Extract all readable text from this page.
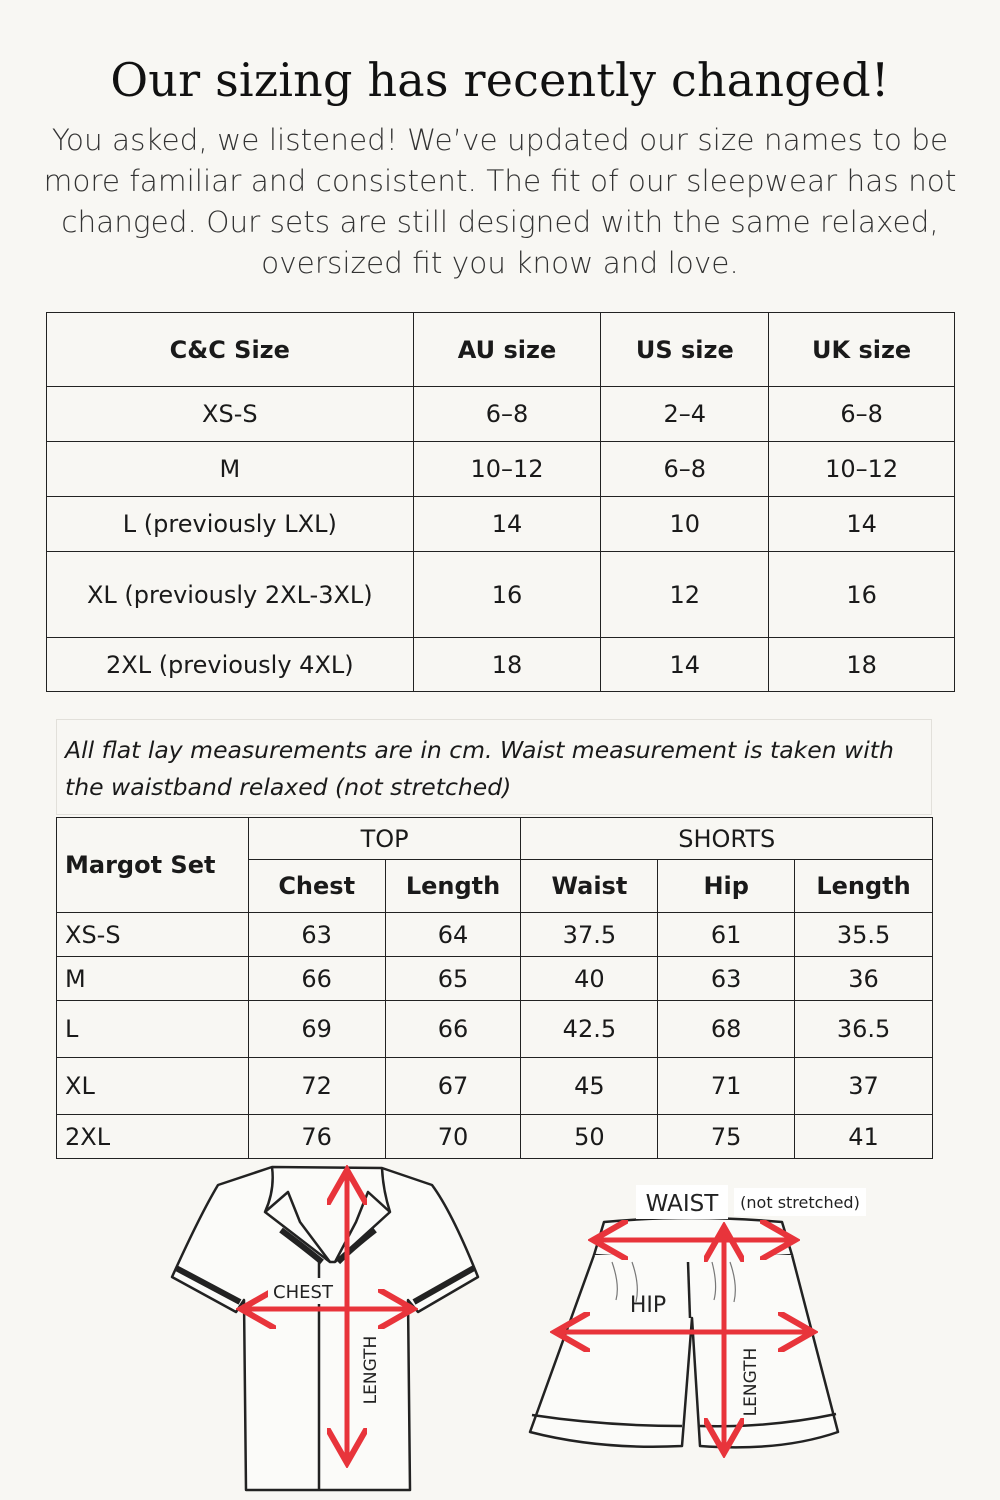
Our sizing has recently changed!

You asked, we listened! We’ve updated our size names to be more familiar and consistent. The fit of our sleepwear has not changed. Our sets are still designed with the same relaxed, oversized fit you know and love.

C&C Size	AU size	US size	UK size
XS-S	6–8	2–4	6–8
M	10–12	6–8	10–12
L (previously LXL)	14	10	14
XL (previously 2XL-3XL)	16	12	16
2XL (previously 4XL)	18	14	18
All flat lay measurements are in cm. Waist measurement is taken with the waistband relaxed (not stretched)
Margot Set	TOP		SHORTS		
	Chest	Length	Waist	Hip	Length
XS-S	63	64	37.5	61	35.5
M	66	65	40	63	36
L	69	66	42.5	68	36.5
XL	72	67	45	71	37
2XL	76	70	50	75	41
CHEST
LENGTH
WAIST (not stretched)
HIP
LENGTH
